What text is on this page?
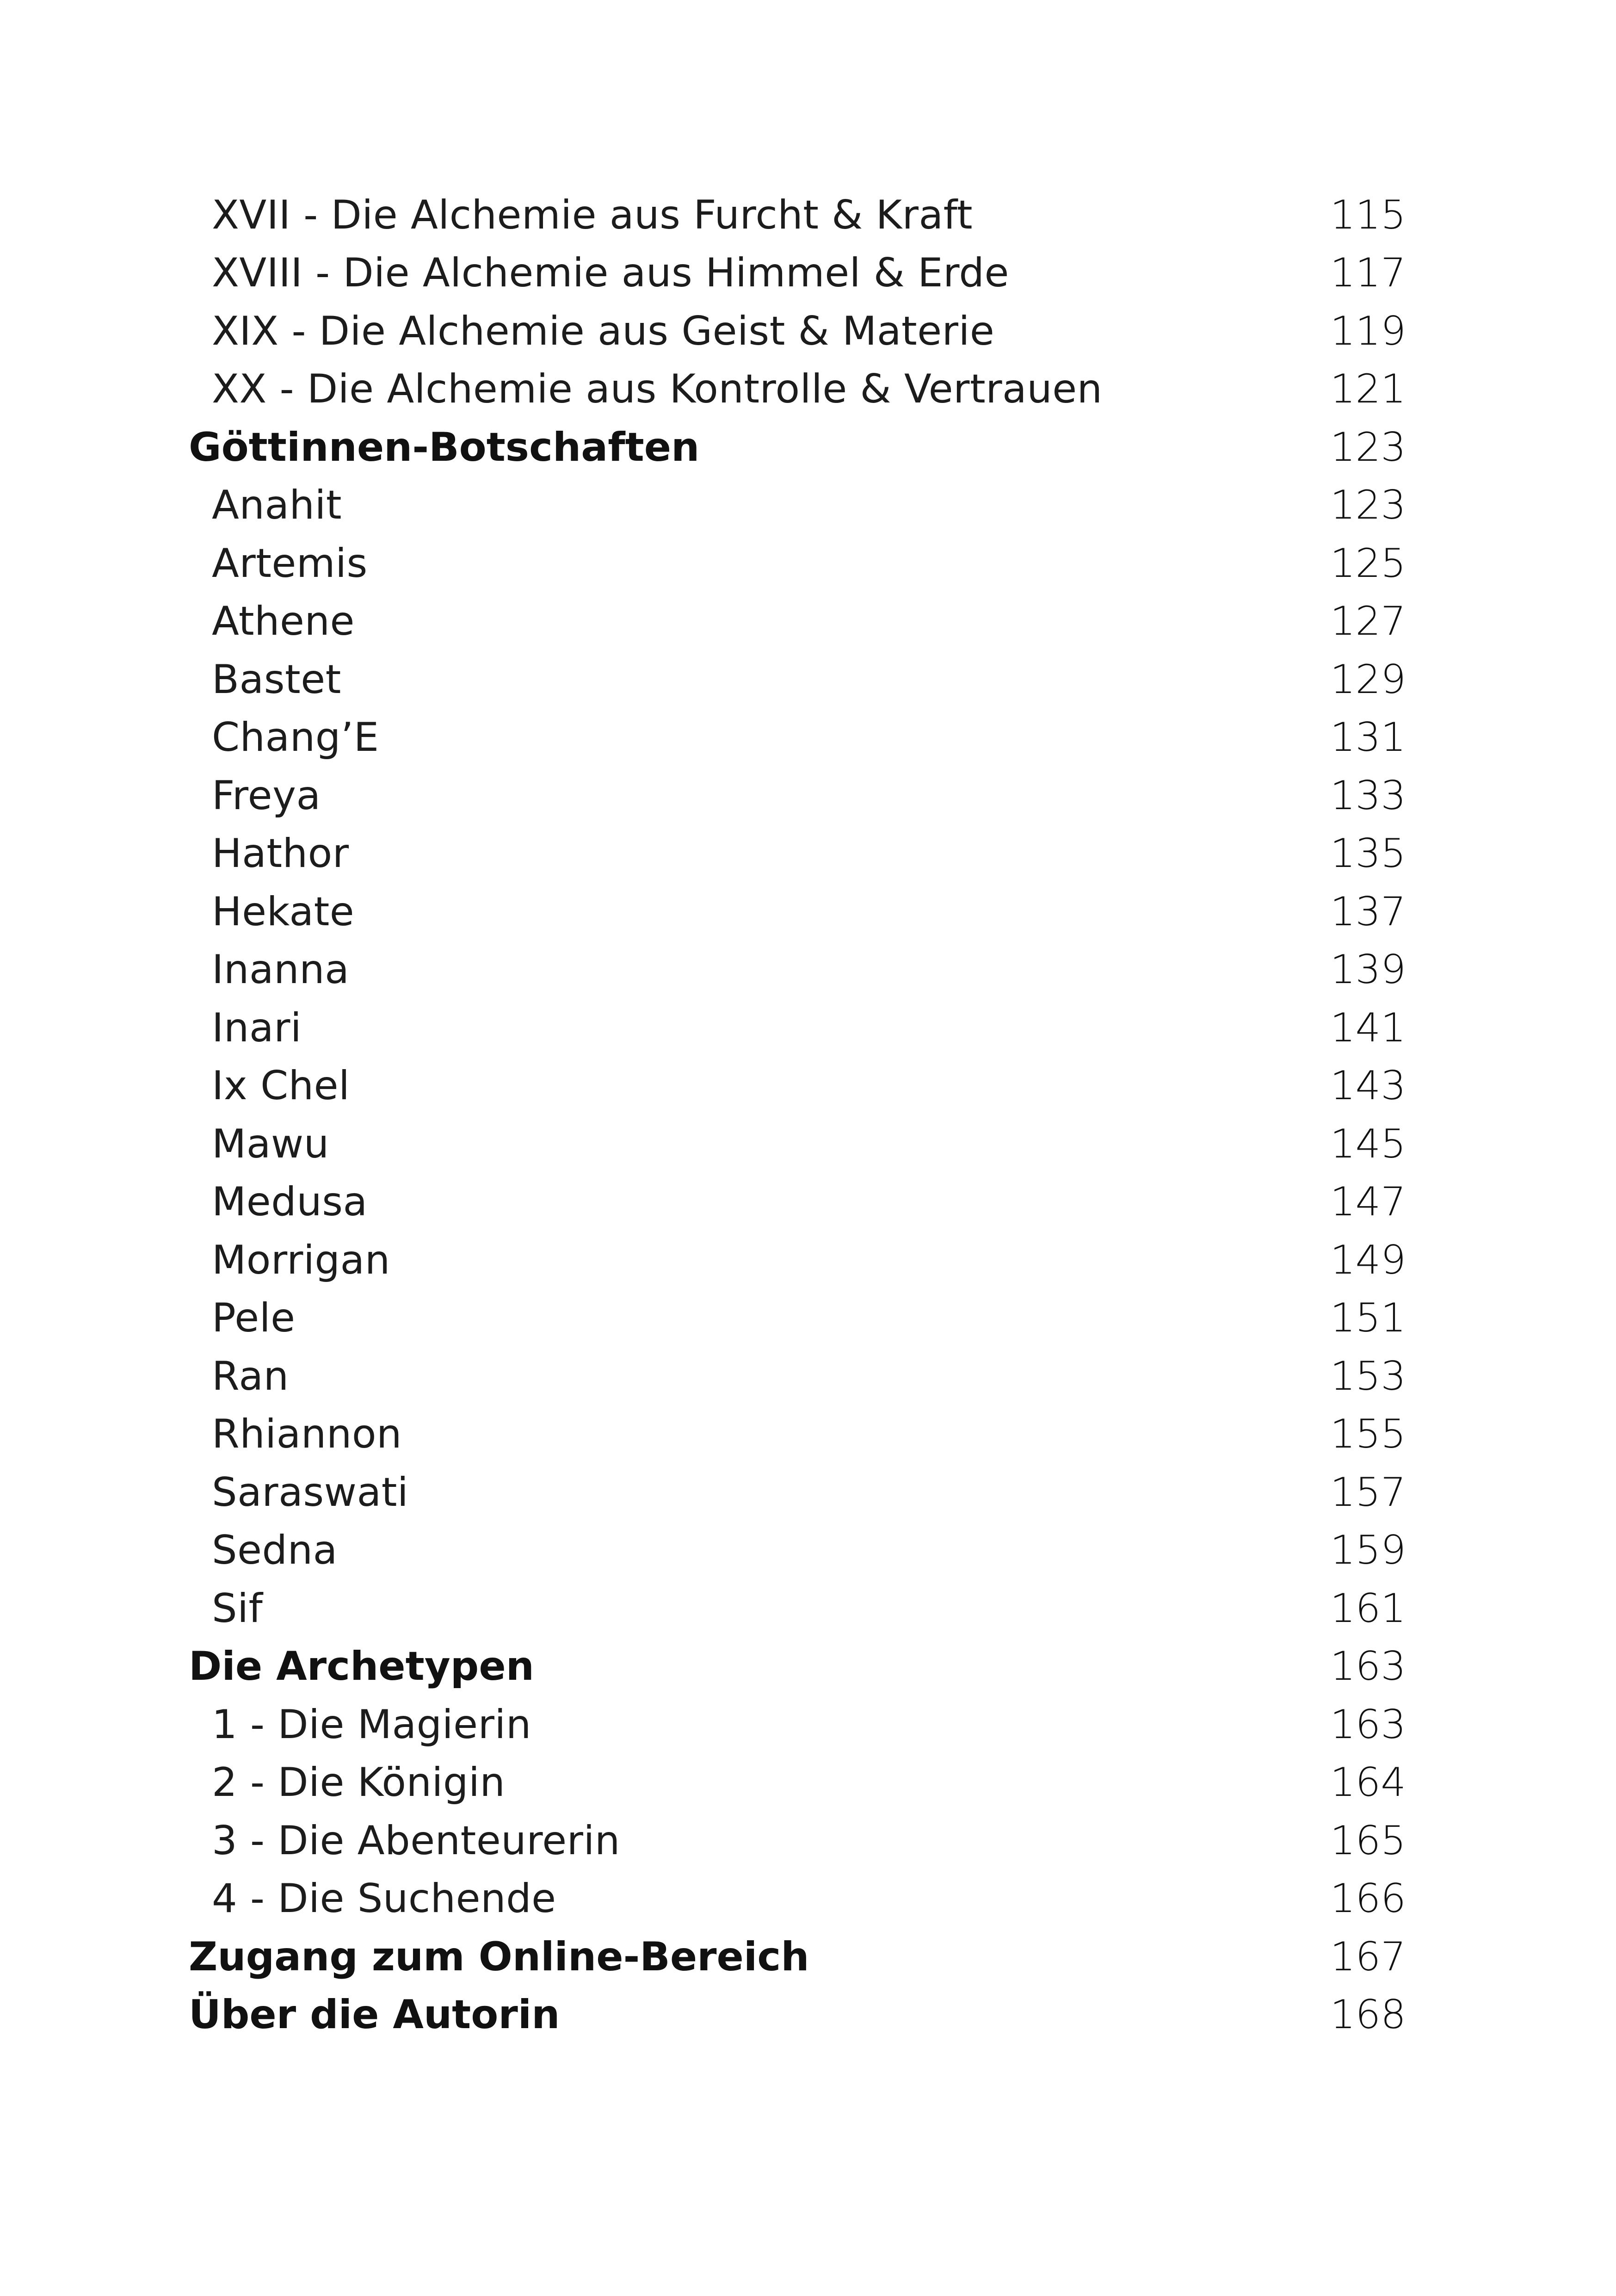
XVII - Die Alchemie aus Furcht & Kraft	115
XVIII - Die Alchemie aus Himmel & Erde	117
XIX - Die Alchemie aus Geist & Materie	119
XX - Die Alchemie aus Kontrolle & Vertrauen	121
Göttinnen-Botschaften	123
Anahit	123
Artemis	125
Athene	127
Bastet	129
Chang’E	131
Freya	133
Hathor	135
Hekate	137
Inanna	139
Inari	141
Ix Chel	143
Mawu	145
Medusa	147
Morrigan	149
Pele	151
Ran	153
Rhiannon	155
Saraswati	157
Sedna	159
Sif	161
Die Archetypen	163
1 - Die Magierin	163
2 - Die Königin	164
3 - Die Abenteurerin	165
4 - Die Suchende	166
Zugang zum Online-Bereich	167
Über die Autorin	168
